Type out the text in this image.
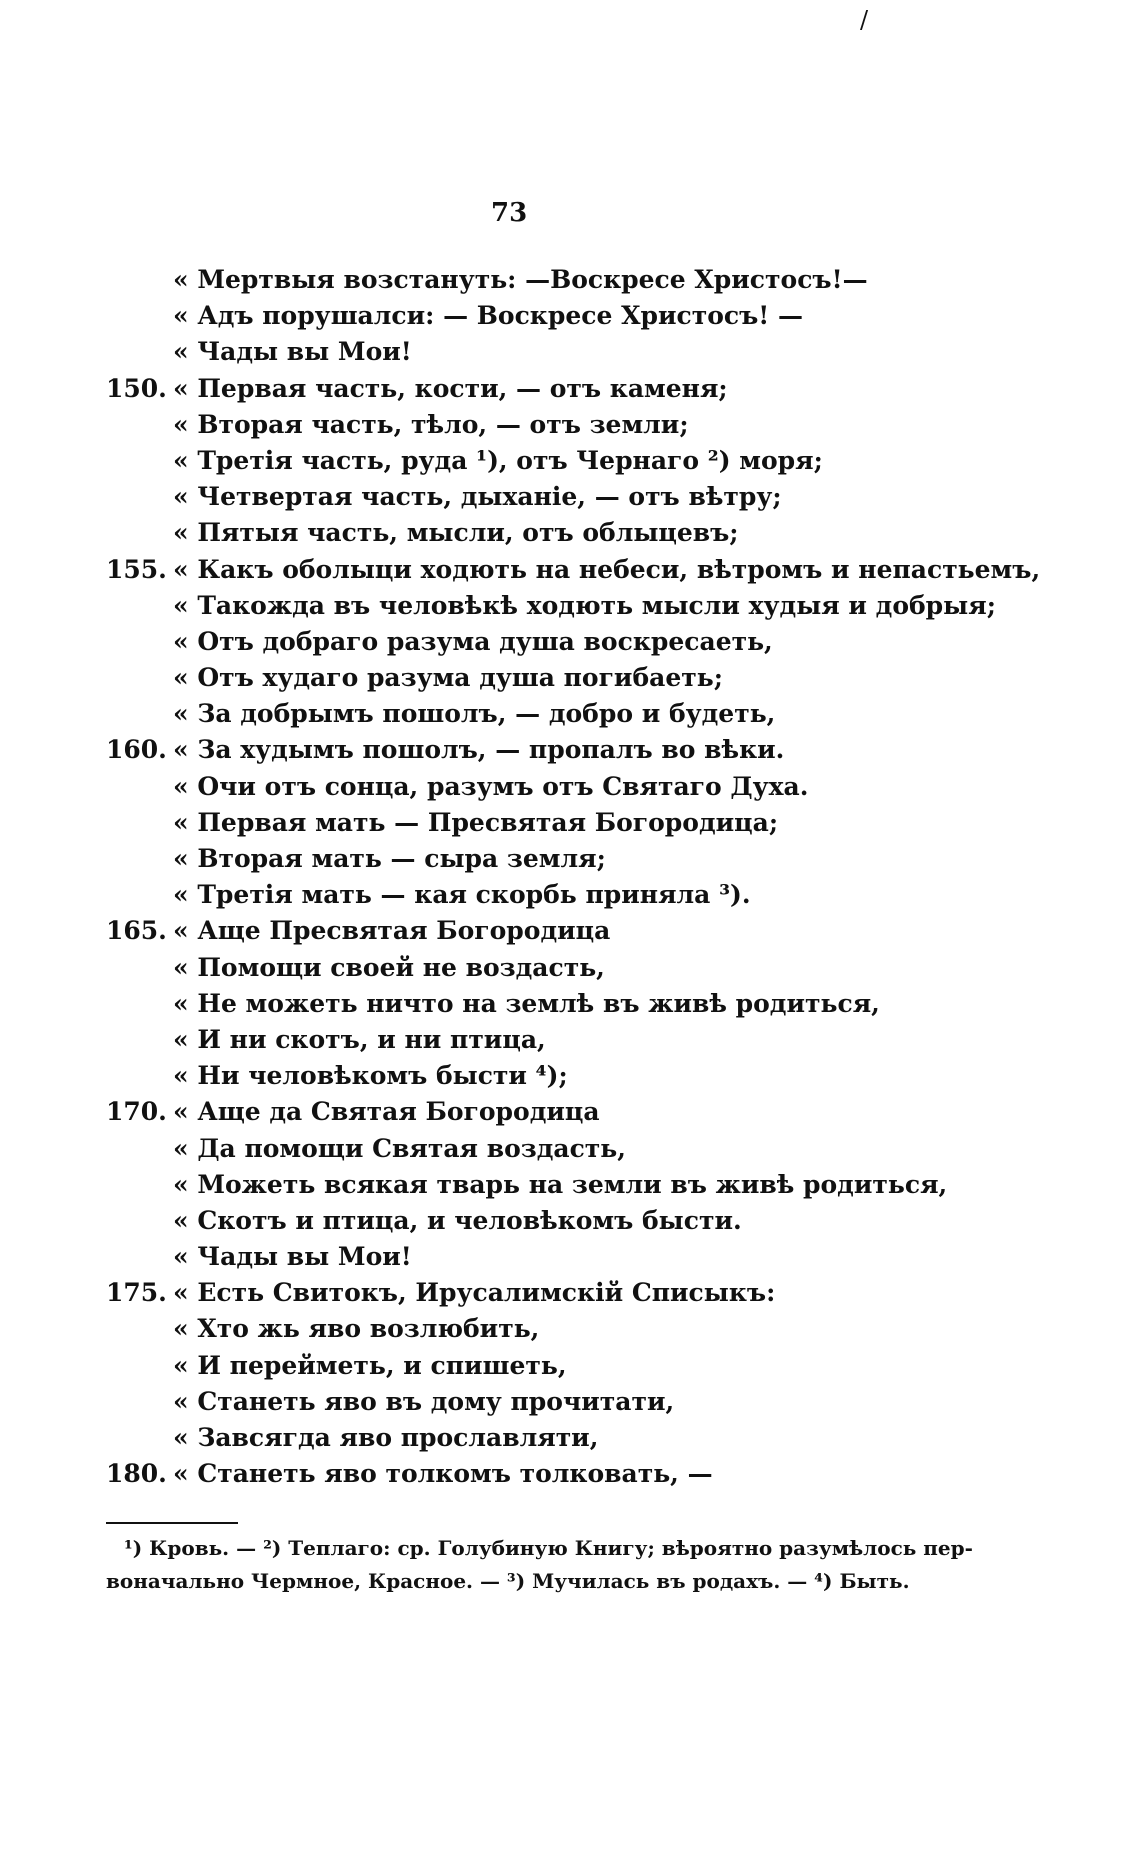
/
73
« Мертвыя возстануть: —Воскресе Христосъ!—
« Адъ порушалси: — Воскресе Христосъ! —
« Чады вы Мои!
150. « Первая часть, кости, — отъ каменя;
« Вторая часть, тѣло, — отъ земли;
« Третія часть, руда ¹), отъ Чернаго ²) моря;
« Четвертая часть, дыханіе, — отъ вѣтру;
« Пятыя часть, мысли, отъ облыцевъ;
155. « Какъ оболыци ходють на небеси, вѣтромъ и непастьемъ,
« Такожда въ человѣкѣ ходють мысли худыя и добрыя;
« Отъ добраго разума душа воскресаеть,
« Отъ худаго разума душа погибаеть;
« За добрымъ пошолъ, — добро и будеть,
160. « За худымъ пошолъ, — пропалъ во вѣки.
« Очи отъ сонца, разумъ отъ Святаго Духа.
« Первая мать — Пресвятая Богородица;
« Вторая мать — сыра земля;
« Третія мать — кая скорбь приняла ³).
165. « Аще Пресвятая Богородица
« Помощи своей не воздасть,
« Не можеть ничто на землѣ въ живѣ родиться,
« И ни скотъ, и ни птица,
« Ни человѣкомъ бысти ⁴);
170. « Аще да Святая Богородица
« Да помощи Святая воздасть,
« Можеть всякая тварь на земли въ живѣ родиться,
« Скотъ и птица, и человѣкомъ бысти.
« Чады вы Мои!
175. « Есть Свитокъ, Ирусалимскій Списыкъ:
« Хто жь яво возлюбить,
« И перейметь, и спишеть,
« Станеть яво въ дому прочитати,
« Завсягда яво прославляти,
180. « Станеть яво толкомъ толковать, —
¹) Кровь. — ²) Теплаго: ср. Голубиную Книгу; вѣроятно разумѣлось пер-
воначально Чермное, Красное. — ³) Мучилась въ родахъ. — ⁴) Быть.
